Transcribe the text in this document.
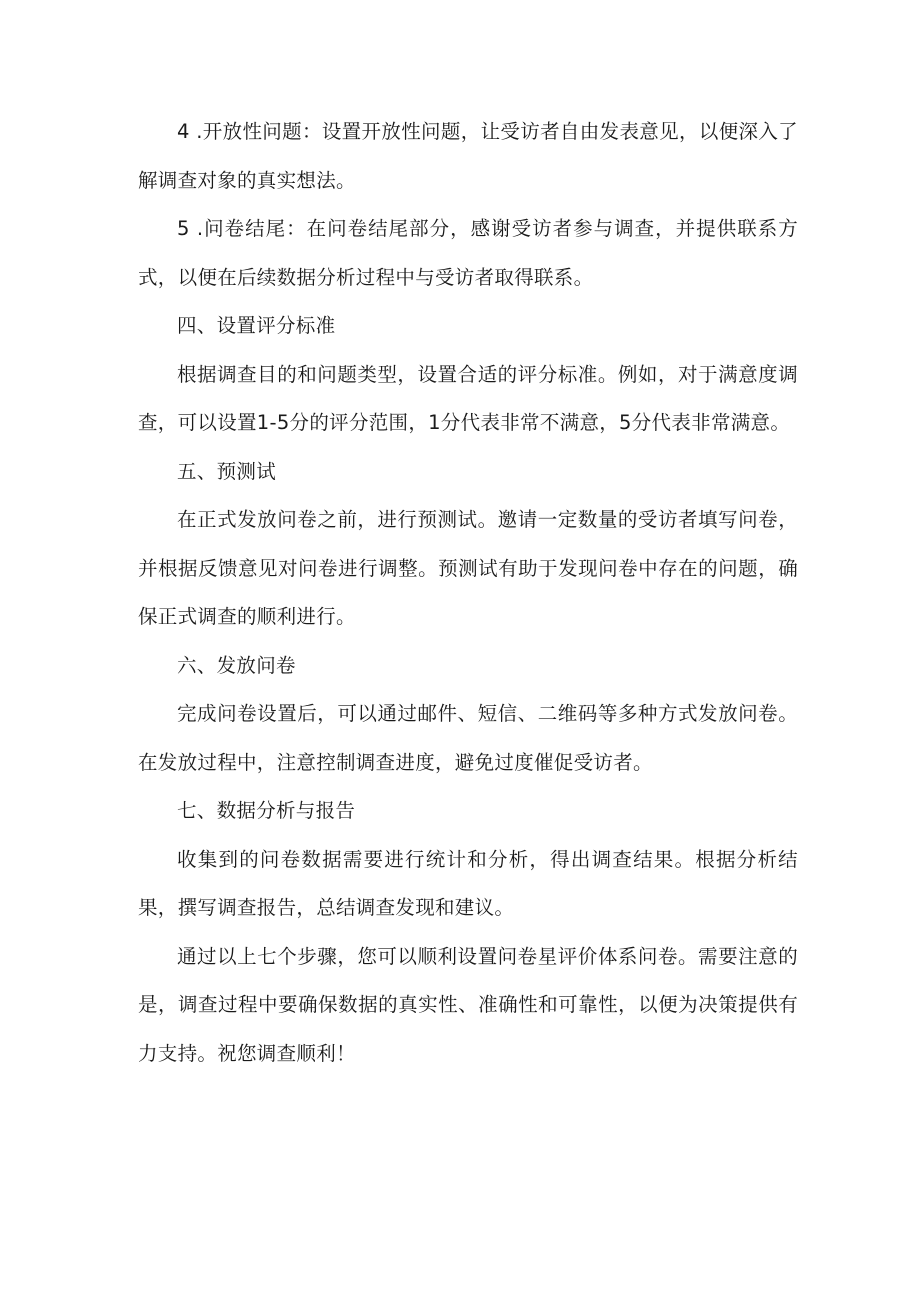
4 .开放性问题：设置开放性问题，让受访者自由发表意见，以便深入了解调查对象的真实想法。

5 .问卷结尾：在问卷结尾部分，感谢受访者参与调查，并提供联系方式，以便在后续数据分析过程中与受访者取得联系。

四、设置评分标准

根据调查目的和问题类型，设置合适的评分标准。例如，对于满意度调查，可以设置1-5分的评分范围，1分代表非常不满意，5分代表非常满意。

五、预测试

在正式发放问卷之前，进行预测试。邀请一定数量的受访者填写问卷，并根据反馈意见对问卷进行调整。预测试有助于发现问卷中存在的问题，确保正式调查的顺利进行。

六、发放问卷

完成问卷设置后，可以通过邮件、短信、二维码等多种方式发放问卷。在发放过程中，注意控制调查进度，避免过度催促受访者。

七、数据分析与报告

收集到的问卷数据需要进行统计和分析，得出调查结果。根据分析结果，撰写调查报告，总结调查发现和建议。

通过以上七个步骤，您可以顺利设置问卷星评价体系问卷。需要注意的是，调查过程中要确保数据的真实性、准确性和可靠性，以便为决策提供有力支持。祝您调查顺利！
